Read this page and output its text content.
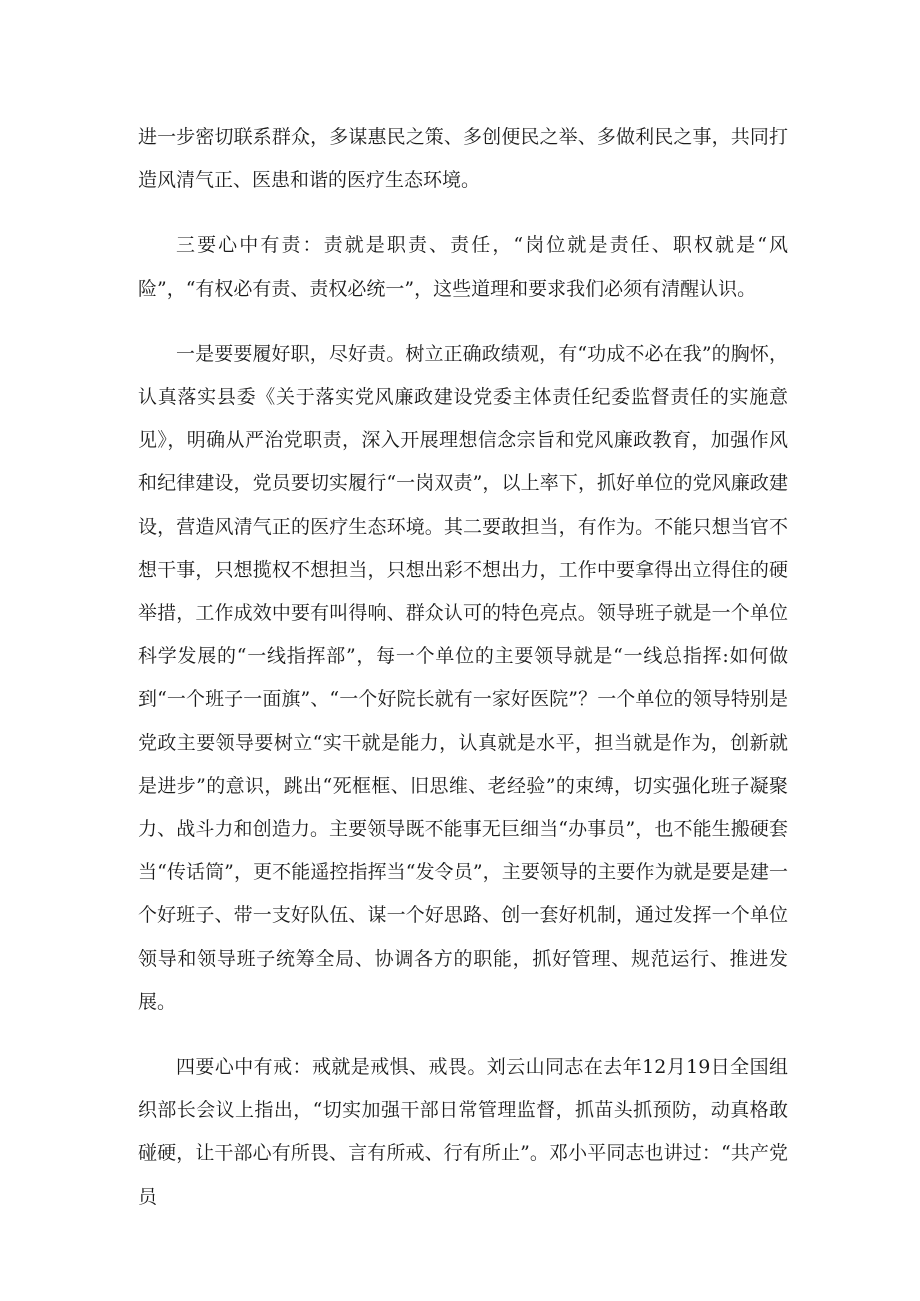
进一步密切联系群众，多谋惠民之策、多创便民之举、多做利民之事，共同打造风清气正、医患和谐的医疗生态环境。

三要心中有责：责就是职责、责任，“岗位就是责任、职权就是“风险”，“有权必有责、责权必统一”，这些道理和要求我们必须有清醒认识。

一是要要履好职，尽好责。树立正确政绩观，有“功成不必在我”的胸怀，认真落实县委《关于落实党风廉政建设党委主体责任纪委监督责任的实施意见》，明确从严治党职责，深入开展理想信念宗旨和党风廉政教育，加强作风和纪律建设，党员要切实履行“一岗双责”，以上率下，抓好单位的党风廉政建设，营造风清气正的医疗生态环境。其二要敢担当，有作为。不能只想当官不想干事，只想揽权不想担当，只想出彩不想出力，工作中要拿得出立得住的硬举措，工作成效中要有叫得响、群众认可的特色亮点。领导班子就是一个单位科学发展的“一线指挥部”，每一个单位的主要领导就是“一线总指挥:如何做到“一个班子一面旗”、“一个好院长就有一家好医院”？一个单位的领导特别是党政主要领导要树立“实干就是能力，认真就是水平，担当就是作为，创新就是进步”的意识，跳出“死框框、旧思维、老经验”的束缚，切实强化班子凝聚力、战斗力和创造力。主要领导既不能事无巨细当“办事员”，也不能生搬硬套当“传话筒”，更不能遥控指挥当“发令员”，主要领导的主要作为就是要是建一个好班子、带一支好队伍、谋一个好思路、创一套好机制，通过发挥一个单位领导和领导班子统筹全局、协调各方的职能，抓好管理、规范运行、推进发展。

四要心中有戒：戒就是戒惧、戒畏。刘云山同志在去年12月19日全国组织部长会议上指出，“切实加强干部日常管理监督，抓苗头抓预防，动真格敢碰硬，让干部心有所畏、言有所戒、行有所止”。邓小平同志也讲过：“共产党员
